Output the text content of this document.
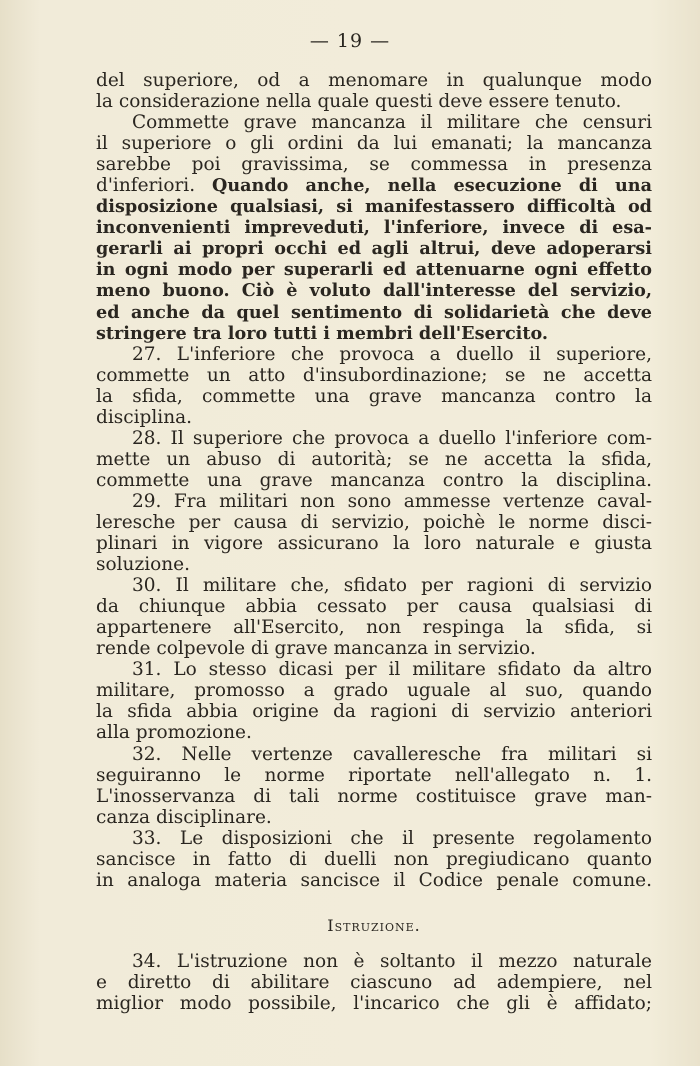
— 19 —
del superiore, od a menomare in qualunque modo
la considerazione nella quale questi deve essere tenuto.
Commette grave mancanza il militare che censuri
il superiore o gli ordini da lui emanati; la mancanza
sarebbe poi gravissima, se commessa in presenza
d'inferiori. Quando anche, nella esecuzione di una
disposizione qualsiasi, si manifestassero difficoltà od
inconvenienti impreveduti, l'inferiore, invece di esa-
gerarli ai propri occhi ed agli altrui, deve adoperarsi
in ogni modo per superarli ed attenuarne ogni effetto
meno buono. Ciò è voluto dall'interesse del servizio,
ed anche da quel sentimento di solidarietà che deve
stringere tra loro tutti i membri dell'Esercito.
27. L'inferiore che provoca a duello il superiore,
commette un atto d'insubordinazione; se ne accetta
la sfida, commette una grave mancanza contro la
disciplina.
28. Il superiore che provoca a duello l'inferiore com-
mette un abuso di autorità; se ne accetta la sfida,
commette una grave mancanza contro la disciplina.
29. Fra militari non sono ammesse vertenze caval-
leresche per causa di servizio, poichè le norme disci-
plinari in vigore assicurano la loro naturale e giusta
soluzione.
30. Il militare che, sfidato per ragioni di servizio
da chiunque abbia cessato per causa qualsiasi di
appartenere all'Esercito, non respinga la sfida, si
rende colpevole di grave mancanza in servizio.
31. Lo stesso dicasi per il militare sfidato da altro
militare, promosso a grado uguale al suo, quando
la sfida abbia origine da ragioni di servizio anteriori
alla promozione.
32. Nelle vertenze cavalleresche fra militari si
seguiranno le norme riportate nell'allegato n. 1.
L'inosservanza di tali norme costituisce grave man-
canza disciplinare.
33. Le disposizioni che il presente regolamento
sancisce in fatto di duelli non pregiudicano quanto
in analoga materia sancisce il Codice penale comune.
Istruzione.
34. L'istruzione non è soltanto il mezzo naturale
e diretto di abilitare ciascuno ad adempiere, nel
miglior modo possibile, l'incarico che gli è affidato;
